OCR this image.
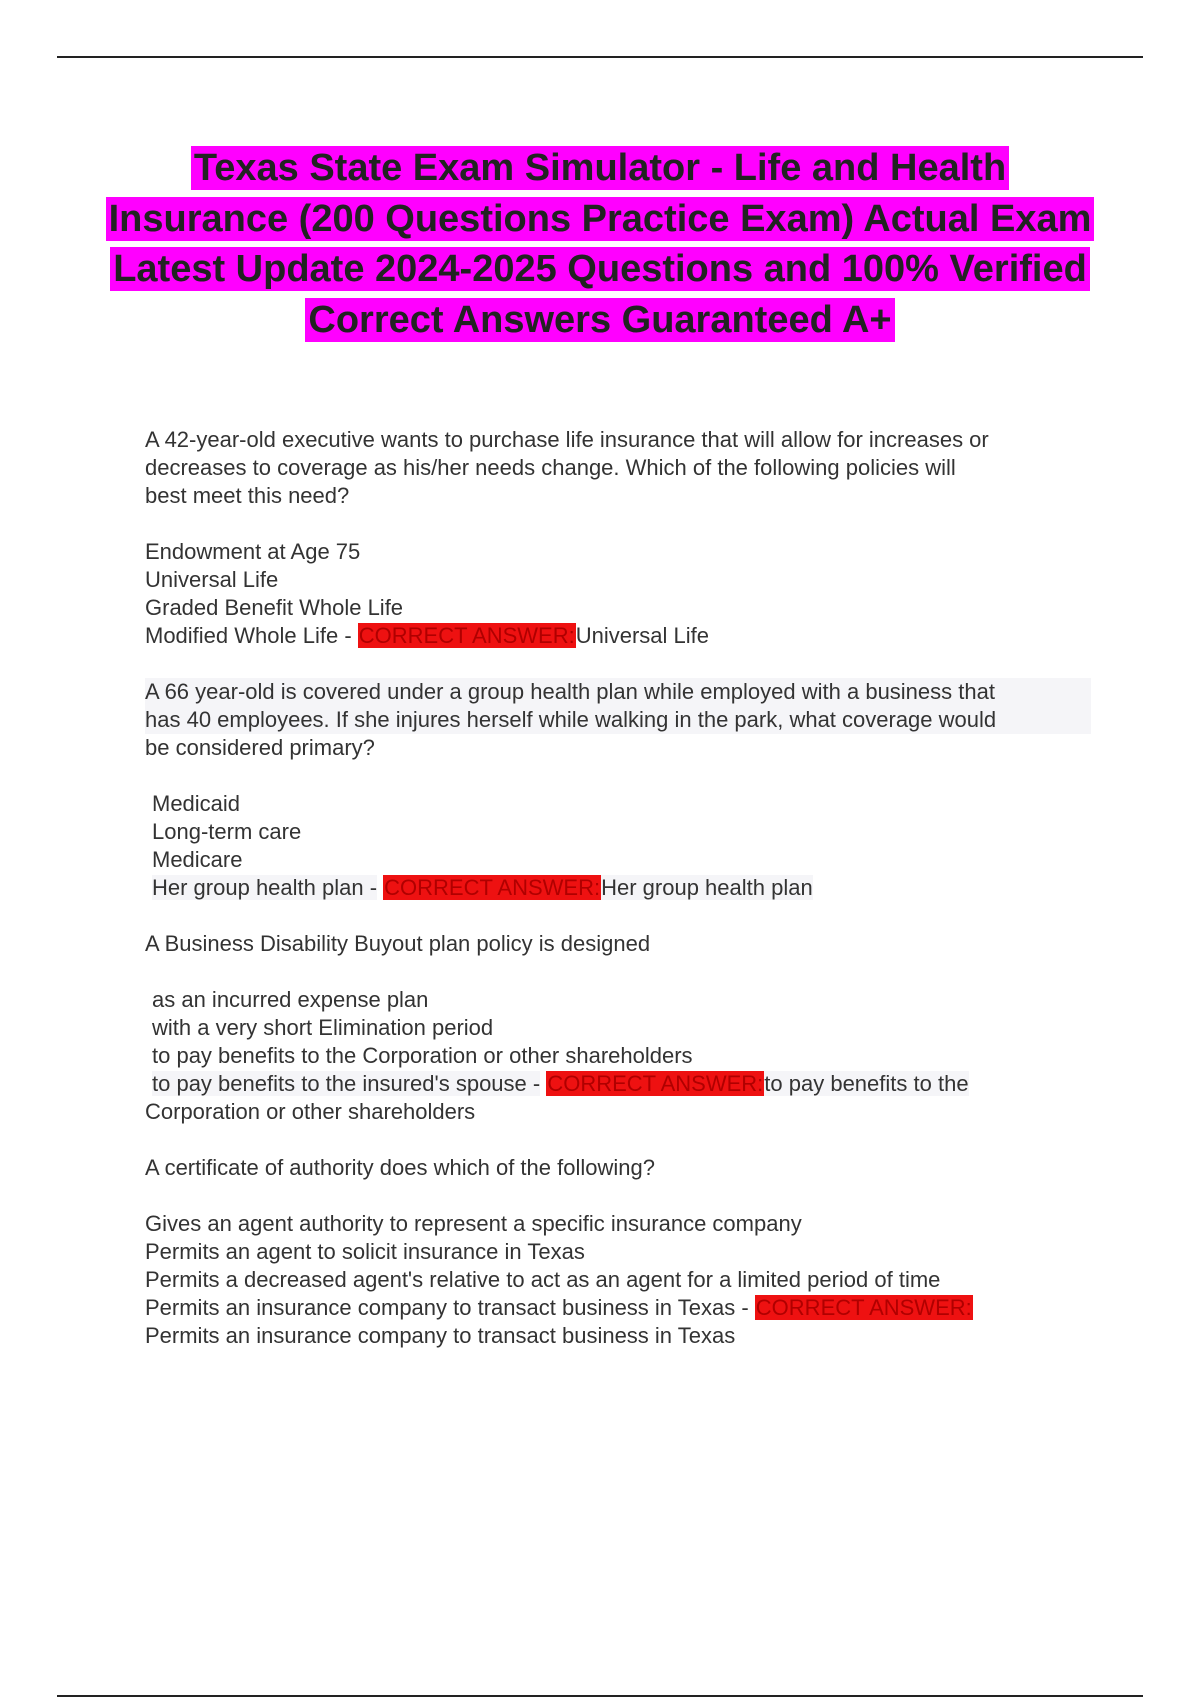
Texas State Exam Simulator - Life and Health Insurance (200 Questions Practice Exam) Actual Exam Latest Update 2024-2025 Questions and 100% Verified Correct Answers Guaranteed A+
A 42-year-old executive wants to purchase life insurance that will allow for increases or
decreases to coverage as his/her needs change. Which of the following policies will
best meet this need?
Endowment at Age 75
Universal Life
Graded Benefit Whole Life
Modified Whole Life - CORRECT ANSWER:Universal Life
A 66 year-old is covered under a group health plan while employed with a business that
has 40 employees. If she injures herself while walking in the park, what coverage would
be considered primary?
Medicaid
Long-term care
Medicare
Her group health plan - CORRECT ANSWER:Her group health plan
A Business Disability Buyout plan policy is designed
as an incurred expense plan
with a very short Elimination period
to pay benefits to the Corporation or other shareholders
to pay benefits to the insured's spouse - CORRECT ANSWER:to pay benefits to the
Corporation or other shareholders
A certificate of authority does which of the following?
Gives an agent authority to represent a specific insurance company
Permits an agent to solicit insurance in Texas
Permits a decreased agent's relative to act as an agent for a limited period of time
Permits an insurance company to transact business in Texas - CORRECT ANSWER:
Permits an insurance company to transact business in Texas
